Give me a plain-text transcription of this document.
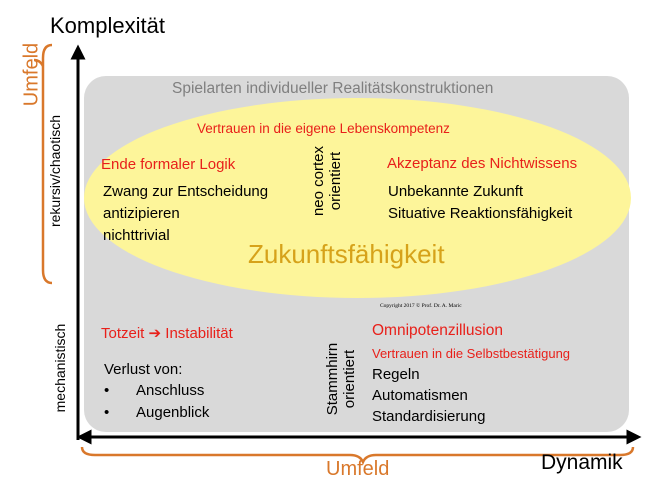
Komplexität
Dynamik
Umfeld
Umfeld
rekursiv/chaotisch
mechanistisch
Spielarten individueller Realitätskonstruktionen
Vertrauen in die eigene Lebenskompetenz
Zukunftsfähigkeit
neo cortex orientiert
Ende formaler Logik
Zwang zur Entscheidung
antizipieren
nichttrivial
Akzeptanz des Nichtwissens
Unbekannte Zukunft
Situative Reaktionsfähigkeit
Copyright 2017 © Prof. Dr. A. Maric
Totzeit ➔ Instabilität
Verlust von:
• Anschluss
• Augenblick	Stammhirn orientiert
Omnipotenzillusion
Vertrauen in die Selbstbestätigung
Regeln
Automatismen
Standardisierung
